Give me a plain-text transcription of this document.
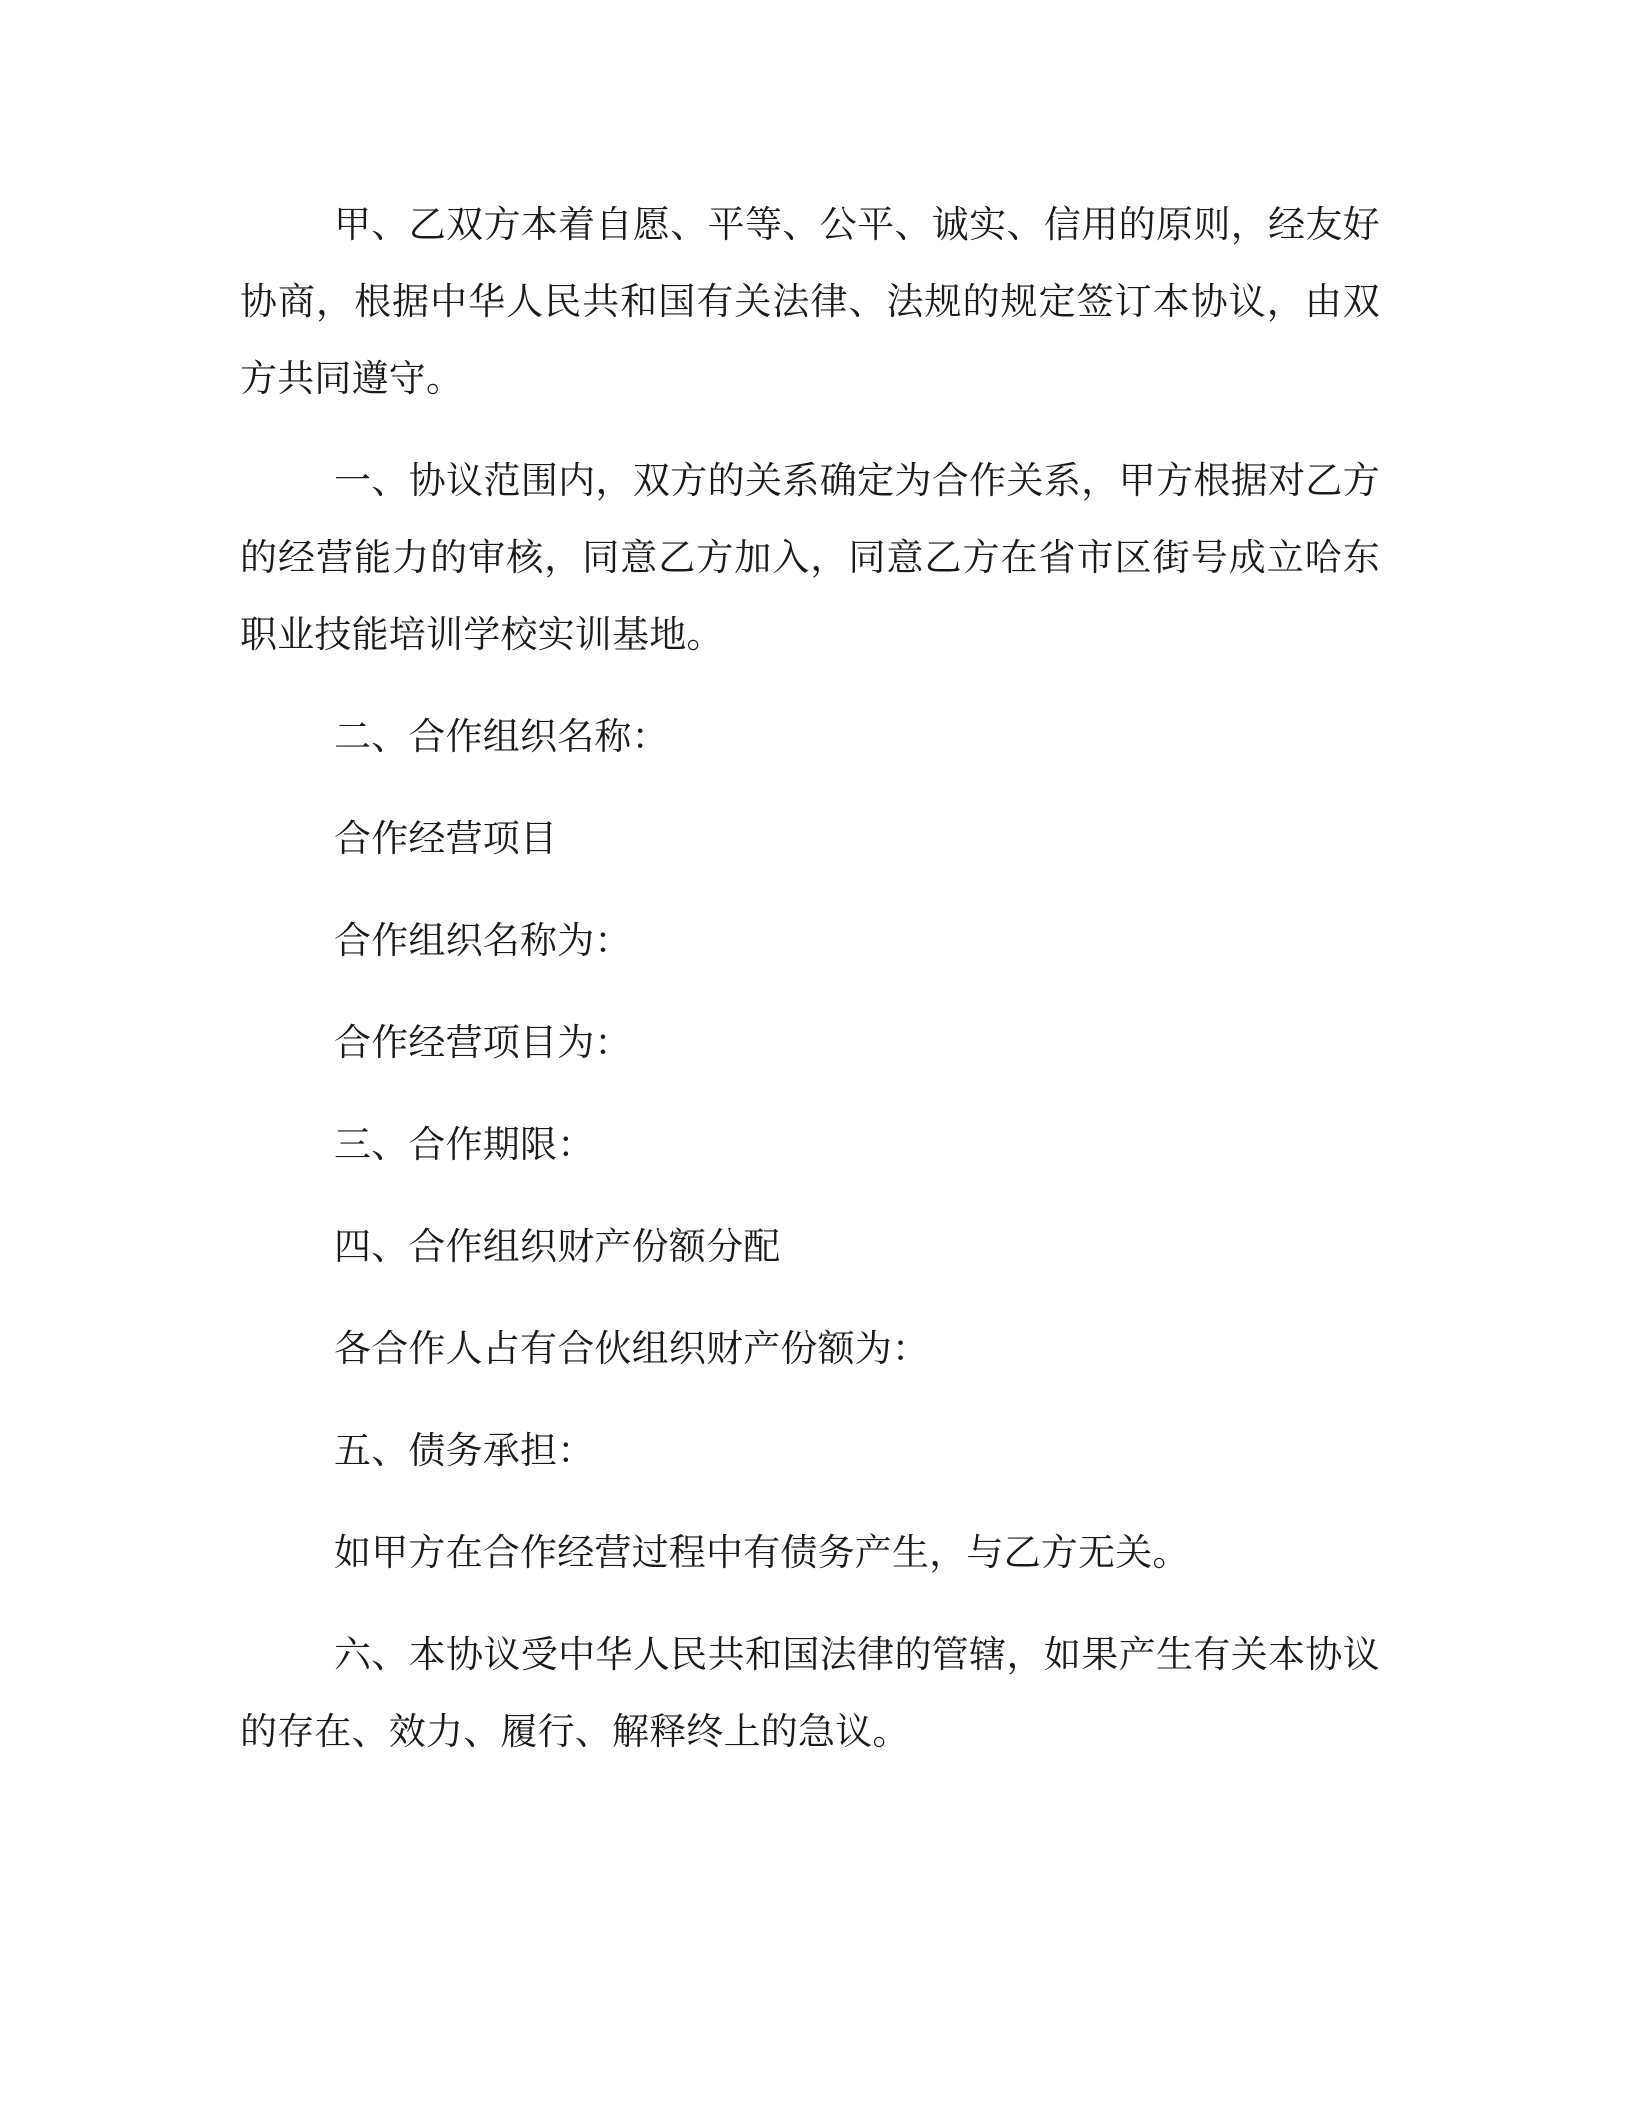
甲、乙双方本着自愿、平等、公平、诚实、信用的原则，经友好协商，根据中华人民共和国有关法律、法规的规定签订本协议，由双方共同遵守。

一、协议范围内，双方的关系确定为合作关系，甲方根据对乙方的经营能力的审核，同意乙方加入，同意乙方在省市区街号成立哈东职业技能培训学校实训基地。

二、合作组织名称：

合作经营项目

合作组织名称为：

合作经营项目为：

三、合作期限：

四、合作组织财产份额分配

各合作人占有合伙组织财产份额为：

五、债务承担：

如甲方在合作经营过程中有债务产生，与乙方无关。

六、本协议受中华人民共和国法律的管辖，如果产生有关本协议的存在、效力、履行、解释终上的急议。
